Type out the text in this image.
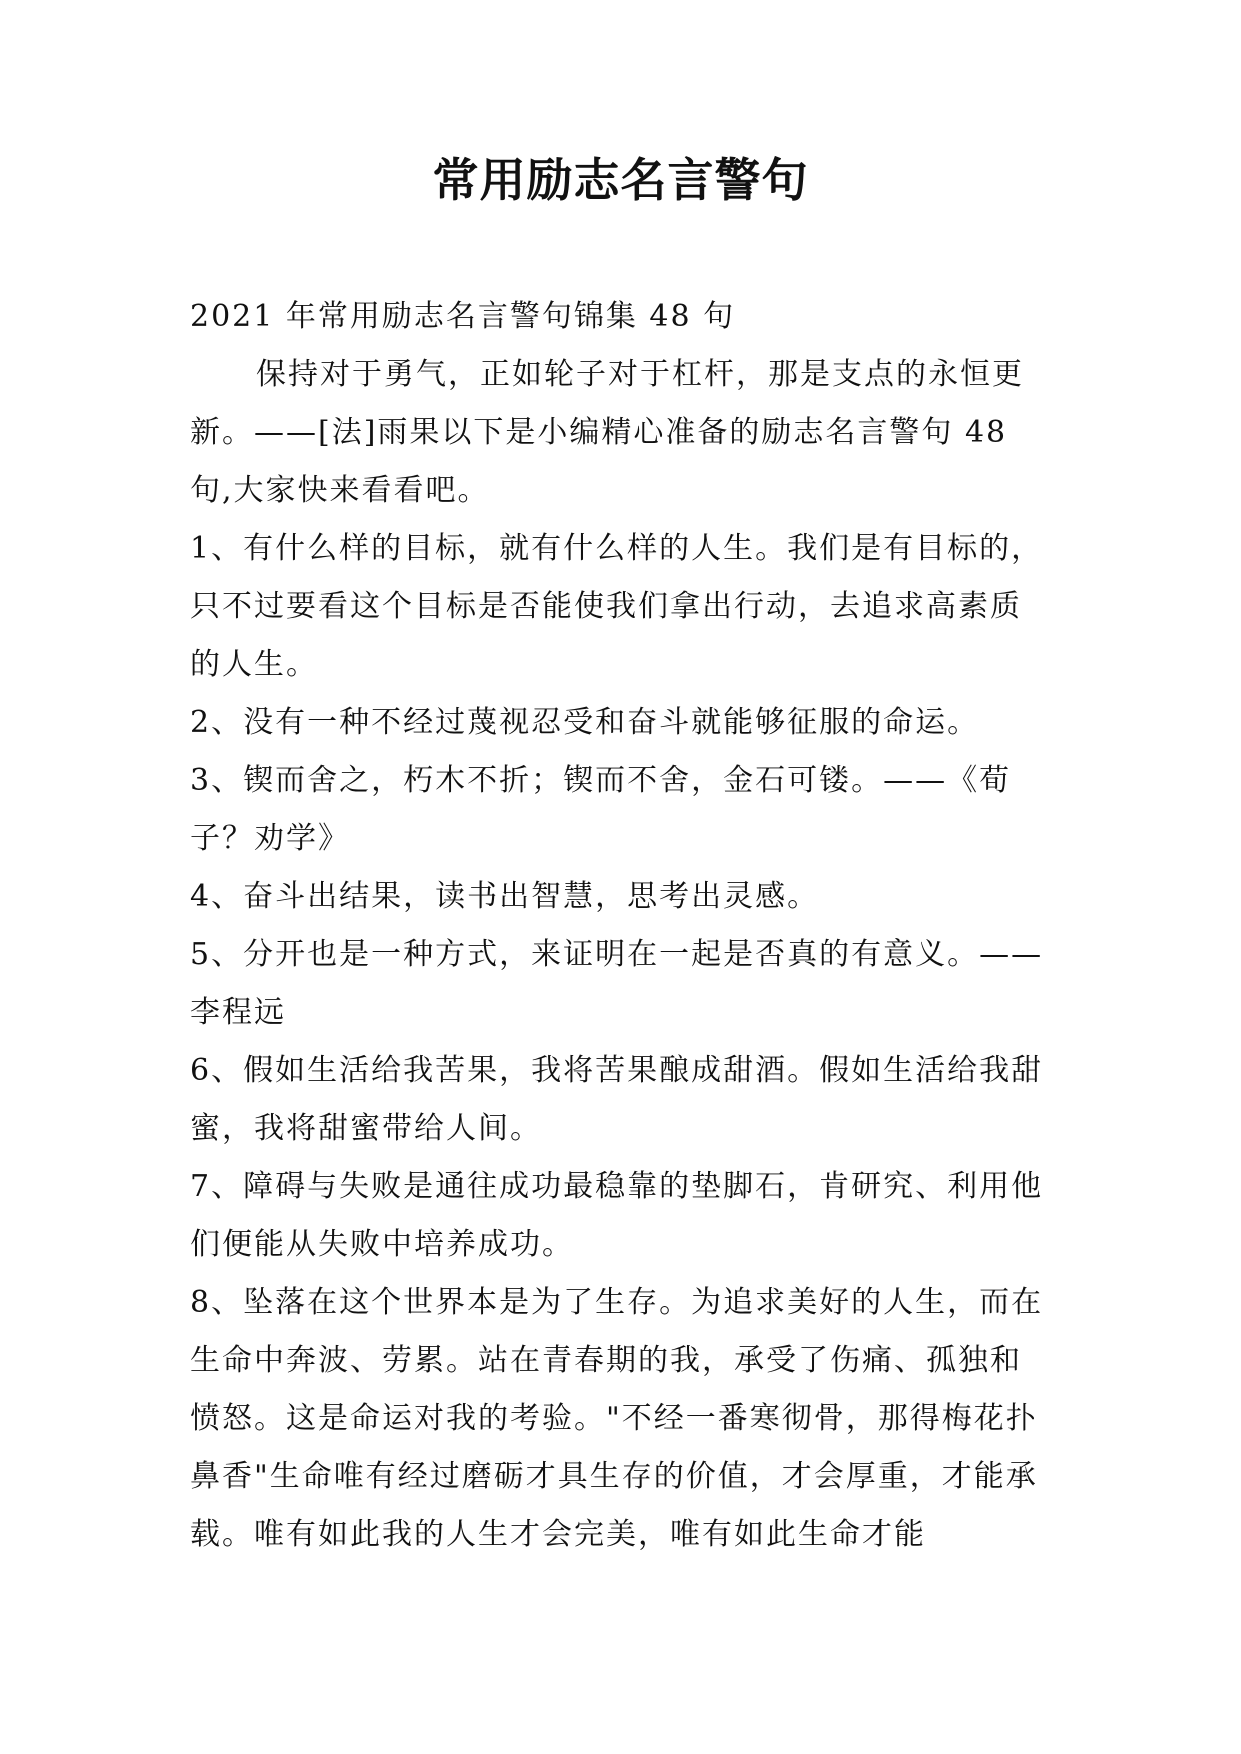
常用励志名言警句

2021 年常用励志名言警句锦集 48 句

保持对于勇气，正如轮子对于杠杆，那是支点的永恒更新。——[法]雨果以下是小编精心准备的励志名言警句 48 句,大家快来看看吧。

1、有什么样的目标，就有什么样的人生。我们是有目标的，只不过要看这个目标是否能使我们拿出行动，去追求高素质的人生。

2、没有一种不经过蔑视忍受和奋斗就能够征服的命运。

3、锲而舍之，朽木不折；锲而不舍，金石可镂。——《荀子？劝学》

4、奋斗出结果，读书出智慧，思考出灵感。

5、分开也是一种方式，来证明在一起是否真的有意义。——李程远

6、假如生活给我苦果，我将苦果酿成甜酒。假如生活给我甜蜜，我将甜蜜带给人间。

7、障碍与失败是通往成功最稳靠的垫脚石，肯研究、利用他们便能从失败中培养成功。

8、坠落在这个世界本是为了生存。为追求美好的人生，而在生命中奔波、劳累。站在青春期的我，承受了伤痛、孤独和愤怒。这是命运对我的考验。"不经一番寒彻骨，那得梅花扑鼻香"生命唯有经过磨砺才具生存的价值，才会厚重，才能承载。唯有如此我的人生才会完美，唯有如此生命才能
